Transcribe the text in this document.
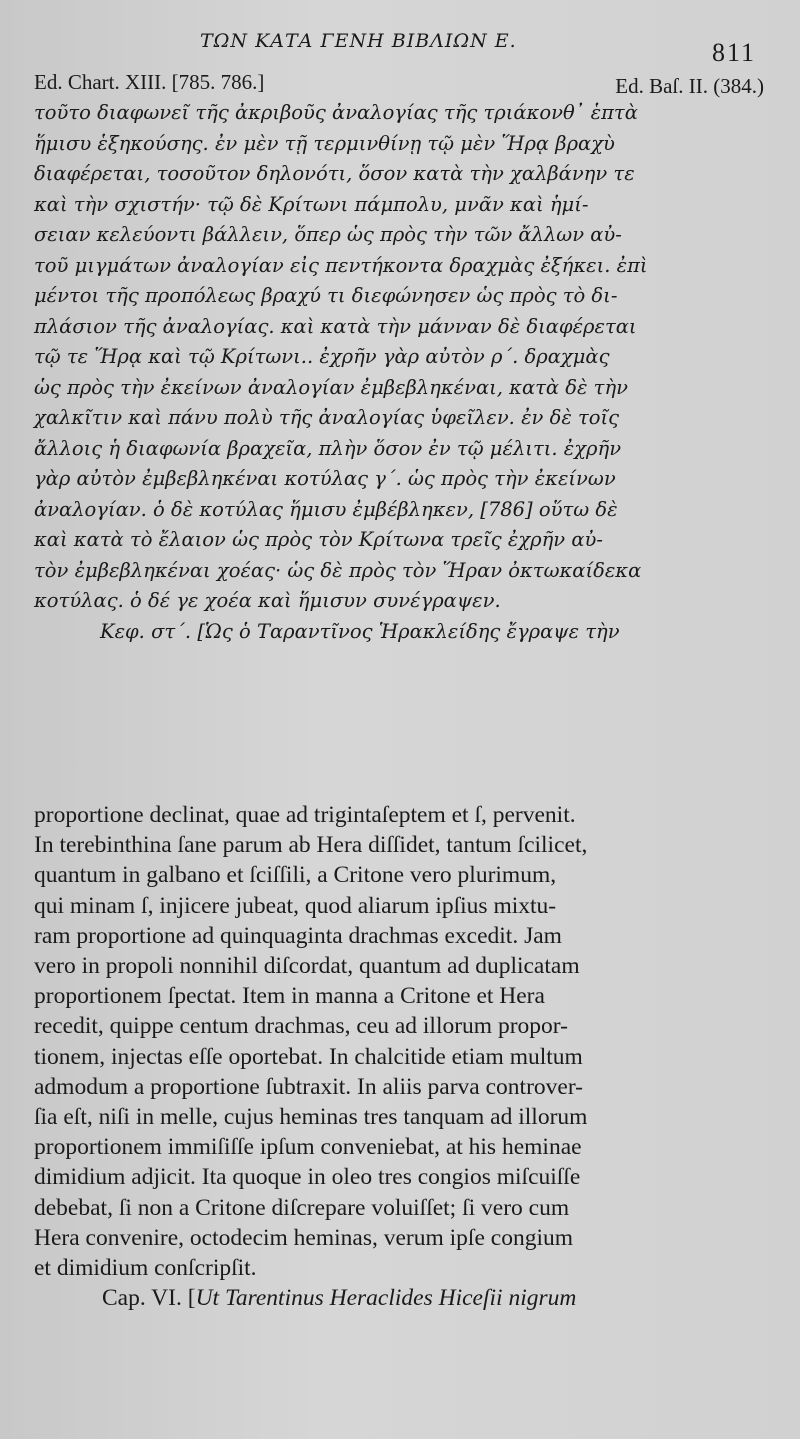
ΤΩΝ ΚΑΤΑ ΓΕΝΗ ΒΙΒΛΙΩΝ Ε.	811
Ed. Chart. XIII. [785. 786.]	Ed. Baſ. II. (384.)
τοῦτο διαφωνεῖ τῆς ἀκριβοῦς ἀναλογίας τῆς τριάκονθ᾽ ἑπτὰ
ἥμισυ ἑξηκούσης. ἐν μὲν τῇ τερμινθίνῃ τῷ μὲν Ἥρᾳ βραχὺ
διαφέρεται, τοσοῦτον δηλονότι, ὅσον κατὰ τὴν χαλβάνην τε
καὶ τὴν σχιστήν· τῷ δὲ Κρίτωνι πάμπολυ, μνᾶν καὶ ἡμί-
σειαν κελεύοντι βάλλειν, ὅπερ ὡς πρὸς τὴν τῶν ἄλλων αὐ-
τοῦ μιγμάτων ἀναλογίαν εἰς πεντήκοντα δραχμὰς ἐξήκει. ἐπὶ
μέντοι τῆς προπόλεως βραχύ τι διεφώνησεν ὡς πρὸς τὸ δι-
πλάσιον τῆς ἀναλογίας. καὶ κατὰ τὴν μάνναν δὲ διαφέρεται
τῷ τε Ἥρᾳ καὶ τῷ Κρίτωνι.. ἐχρῆν γὰρ αὐτὸν ρ΄. δραχμὰς
ὡς πρὸς τὴν ἐκείνων ἀναλογίαν ἐμβεβληκέναι, κατὰ δὲ τὴν
χαλκῖτιν καὶ πάνυ πολὺ τῆς ἀναλογίας ὑφεῖλεν. ἐν δὲ τοῖς
ἄλλοις ἡ διαφωνία βραχεῖα, πλὴν ὅσον ἐν τῷ μέλιτι. ἐχρῆν
γὰρ αὐτὸν ἐμβεβληκέναι κοτύλας γ΄. ὡς πρὸς τὴν ἐκείνων
ἀναλογίαν. ὁ δὲ κοτύλας ἥμισυ ἐμβέβληκεν, [786] οὕτω δὲ
καὶ κατὰ τὸ ἔλαιον ὡς πρὸς τὸν Κρίτωνα τρεῖς ἐχρῆν αὐ-
τὸν ἐμβεβληκέναι χοέας· ὡς δὲ πρὸς τὸν Ἥραν ὀκτωκαίδεκα
κοτύλας. ὁ δέ γε χοέα καὶ ἥμισυν συνέγραψεν.
Κεφ. στ΄. [Ὡς ὁ Ταραντῖνος Ἡρακλείδης ἔγραψε τὴν
proportione declinat, quae ad trigintaſeptem et ſ, pervenit.
In terebinthina ſane parum ab Hera diſſidet, tantum ſcilicet,
quantum in galbano et ſciſſili, a Critone vero plurimum,
qui minam ſ, injicere jubeat, quod aliarum ipſius mixtu-
ram proportione ad quinquaginta drachmas excedit. Jam
vero in propoli nonnihil diſcordat, quantum ad duplicatam
proportionem ſpectat. Item in manna a Critone et Hera
recedit, quippe centum drachmas, ceu ad illorum propor-
tionem, injectas eſſe oportebat. In chalcitide etiam multum
admodum a proportione ſubtraxit. In aliis parva controver-
ſia eſt, niſi in melle, cujus heminas tres tanquam ad illorum
proportionem immiſiſſe ipſum conveniebat, at his heminae
dimidium adjicit. Ita quoque in oleo tres congios miſcuiſſe
debebat, ſi non a Critone diſcrepare voluiſſet; ſi vero cum
Hera convenire, octodecim heminas, verum ipſe congium
et dimidium conſcripſit.
Cap. VI. [Ut Tarentinus Heraclides Hiceſii nigrum
